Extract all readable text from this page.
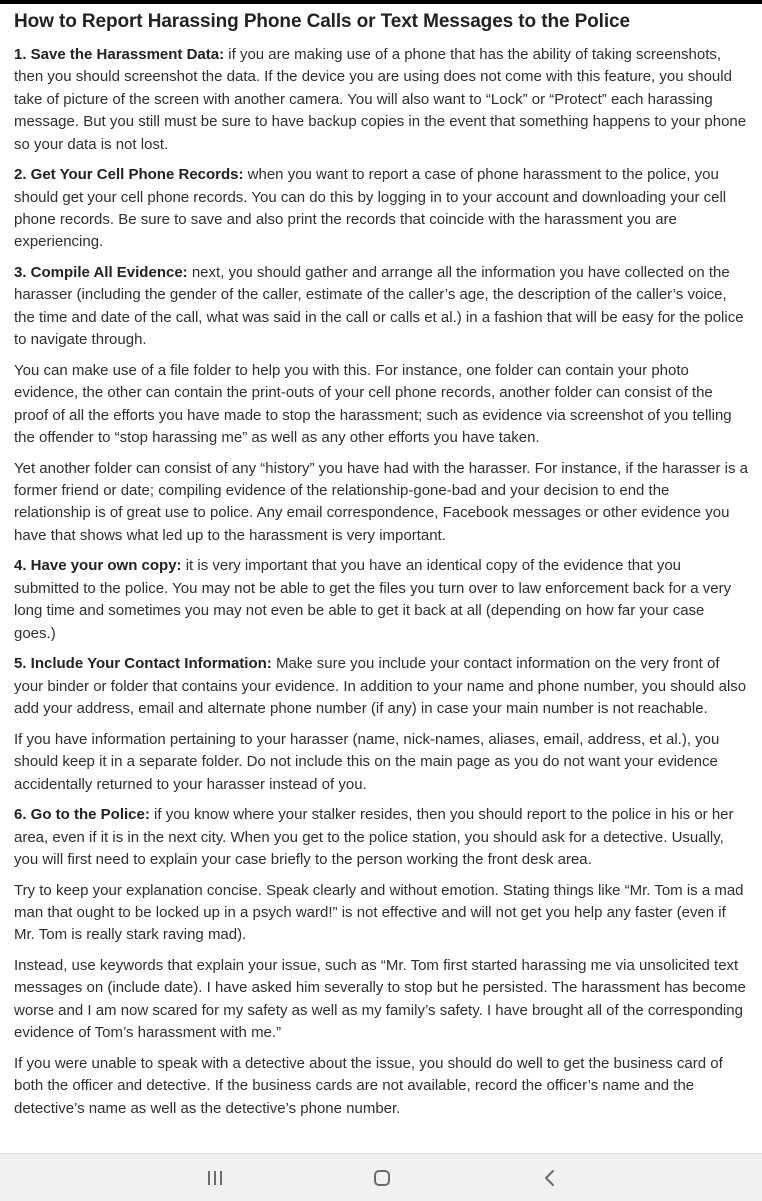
How to Report Harassing Phone Calls or Text Messages to the Police

1. Save the Harassment Data: if you are making use of a phone that has the ability of taking screenshots, then you should screenshot the data. If the device you are using does not come with this feature, you should take of picture of the screen with another camera. You will also want to “Lock” or “Protect” each harassing message. But you still must be sure to have backup copies in the event that something happens to your phone so your data is not lost.

2. Get Your Cell Phone Records: when you want to report a case of phone harassment to the police, you should get your cell phone records. You can do this by logging in to your account and downloading your cell phone records. Be sure to save and also print the records that coincide with the harassment you are experiencing.

3. Compile All Evidence: next, you should gather and arrange all the information you have collected on the harasser (including the gender of the caller, estimate of the caller’s age, the description of the caller’s voice, the time and date of the call, what was said in the call or calls et al.) in a fashion that will be easy for the police to navigate through.

You can make use of a file folder to help you with this. For instance, one folder can contain your photo evidence, the other can contain the print-outs of your cell phone records, another folder can consist of the proof of all the efforts you have made to stop the harassment; such as evidence via screenshot of you telling the offender to “stop harassing me” as well as any other efforts you have taken.

Yet another folder can consist of any “history” you have had with the harasser. For instance, if the harasser is a former friend or date; compiling evidence of the relationship-gone-bad and your decision to end the relationship is of great use to police. Any email correspondence, Facebook messages or other evidence you have that shows what led up to the harassment is very important.

4. Have your own copy: it is very important that you have an identical copy of the evidence that you submitted to the police. You may not be able to get the files you turn over to law enforcement back for a very long time and sometimes you may not even be able to get it back at all (depending on how far your case goes.)

5. Include Your Contact Information: Make sure you include your contact information on the very front of your binder or folder that contains your evidence. In addition to your name and phone number, you should also add your address, email and alternate phone number (if any) in case your main number is not reachable.

If you have information pertaining to your harasser (name, nick-names, aliases, email, address, et al.), you should keep it in a separate folder. Do not include this on the main page as you do not want your evidence accidentally returned to your harasser instead of you.

6. Go to the Police: if you know where your stalker resides, then you should report to the police in his or her area, even if it is in the next city. When you get to the police station, you should ask for a detective. Usually, you will first need to explain your case briefly to the person working the front desk area.

Try to keep your explanation concise. Speak clearly and without emotion. Stating things like “Mr. Tom is a mad man that ought to be locked up in a psych ward!” is not effective and will not get you help any faster (even if Mr. Tom is really stark raving mad).

Instead, use keywords that explain your issue, such as “Mr. Tom first started harassing me via unsolicited text messages on (include date). I have asked him severally to stop but he persisted. The harassment has become worse and I am now scared for my safety as well as my family’s safety. I have brought all of the corresponding evidence of Tom’s harassment with me.”

If you were unable to speak with a detective about the issue, you should do well to get the business card of both the officer and detective. If the business cards are not available, record the officer’s name and the detective’s name as well as the detective’s phone number.
